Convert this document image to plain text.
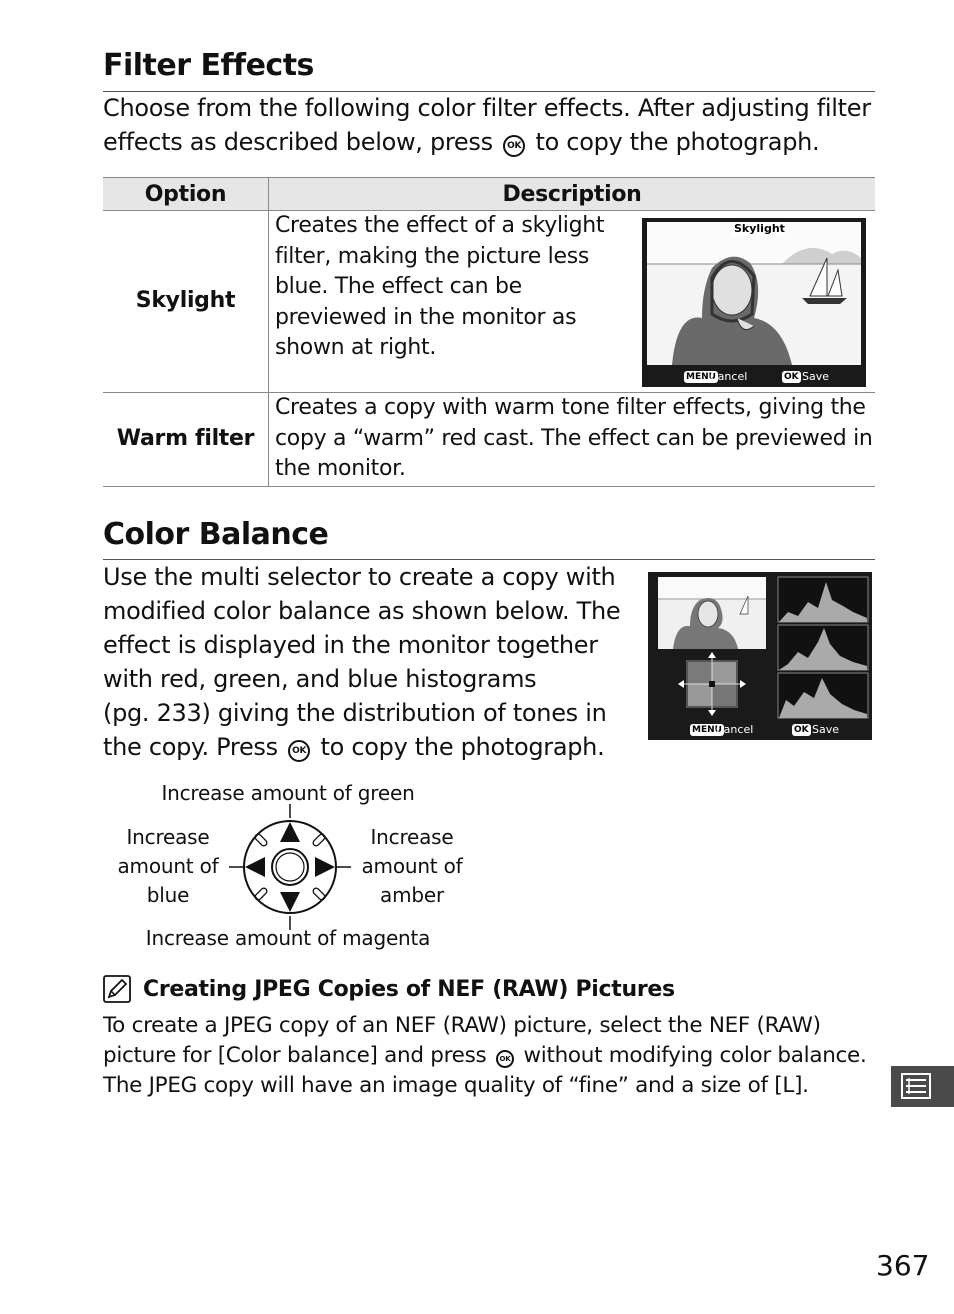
Filter Effects

Choose from the following color filter effects. After adjusting filter
effects as described below, press OK to copy the photograph.

Option	Description
Skylight	Creates the effect of a skylight
filter, making the picture less
blue. The effect can be
previewed in the monitor as
shown at right.

Warm filter	Creates a copy with warm tone filter effects, giving the
copy a “warm” red cast. The effect can be previewed in
the monitor.
Skylight
MENU
Cancel	OK Save
Color Balance

Use the multi selector to create a copy with
modified color balance as shown below. The
effect is displayed in the monitor together
with red, green, and blue histograms
(pg. 233) giving the distribution of tones in
the copy. Press OK to copy the photograph.

MENU
Cancel	OK Save
Increase amount of green
Increase
amount of
blue
Increase
amount of
amber
Increase amount of magenta
Creating JPEG Copies of NEF (RAW) Pictures

To create a JPEG copy of an NEF (RAW) picture, select the NEF (RAW)
picture for [Color balance] and press OK without modifying color balance.
The JPEG copy will have an image quality of “fine” and a size of [L].

367
